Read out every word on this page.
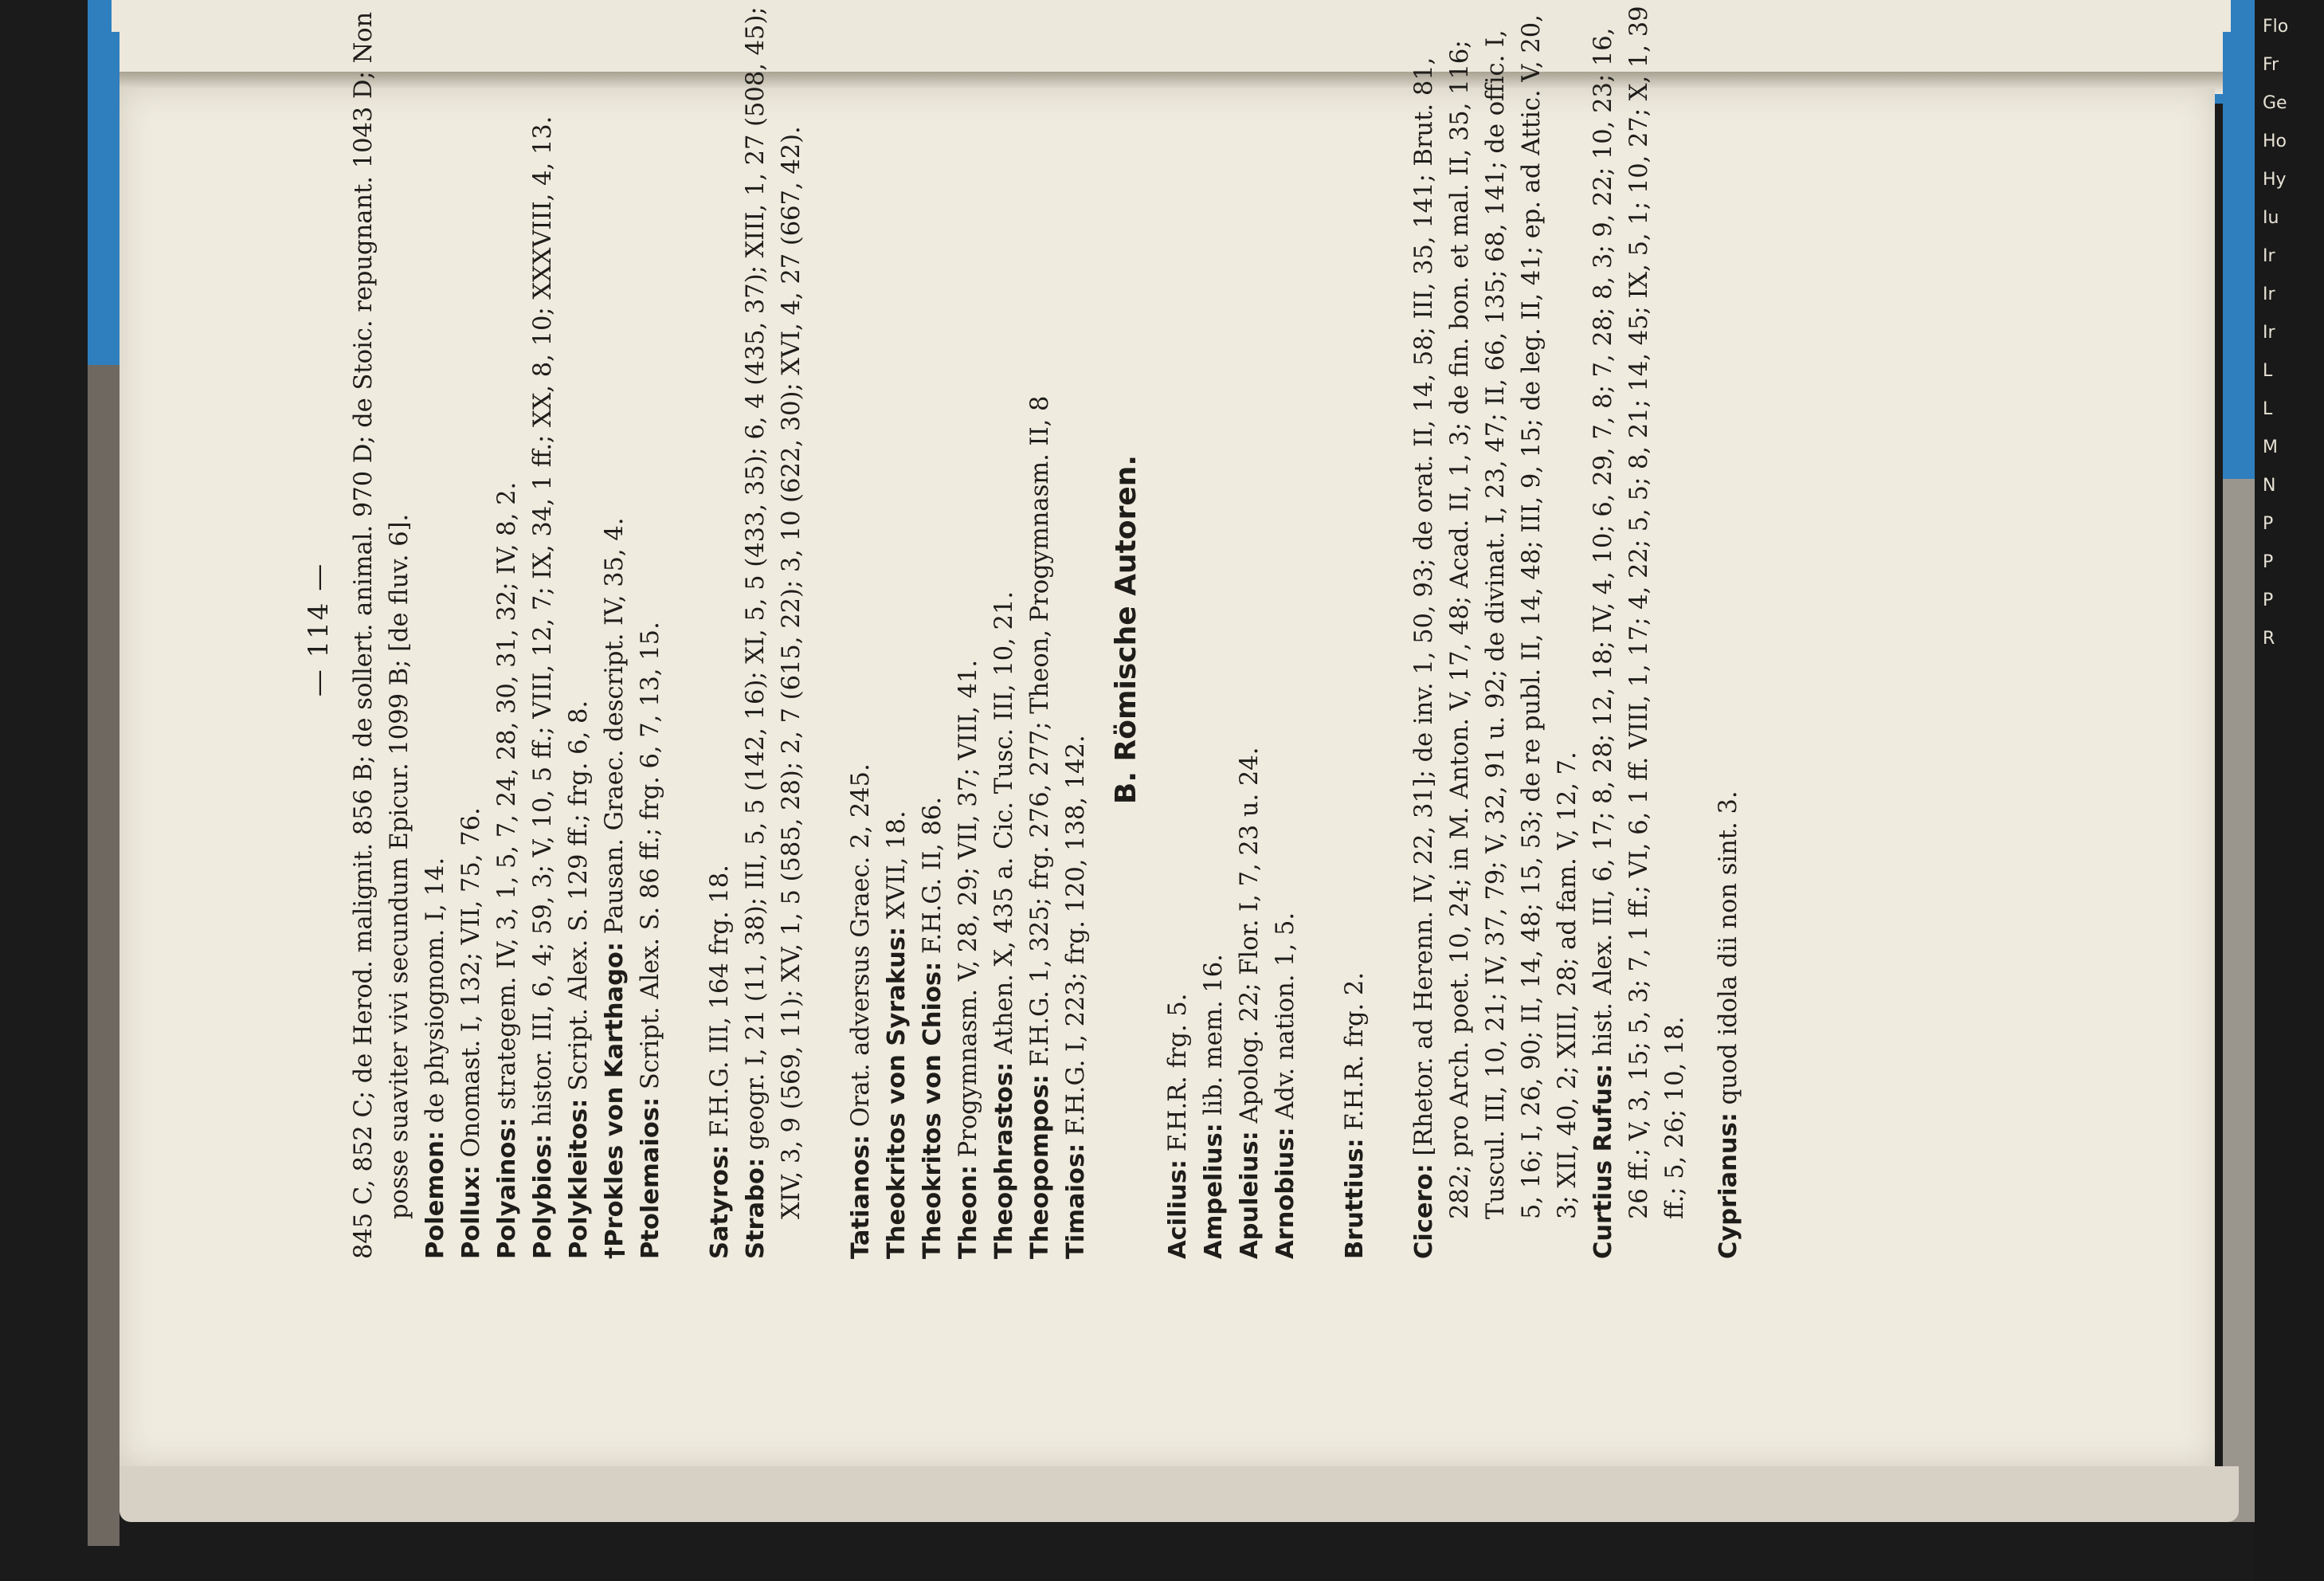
Flo
Fr
Ge
Ho
Hy
Iu
Ir
Ir
Ir
L
L
M
N
P
P
P
R
— 114 — 845 C, 852 C; de Herod. malignit. 856 B; de sollert. animal. 970 D; de Stoic. repugnant. 1043 D; Non posse suaviter vivi secundum Epicur. 1099 B; [de fluv. 6]. Polemon: de physiognom. I, 14.
Pollux: Onomast. I, 132; VII, 75, 76.
Polyainos: strategem. IV, 3, 1, 5, 7, 24, 28, 30, 31, 32; IV, 8, 2.
Polybios: histor. III, 6, 4; 59, 3; V, 10, 5 ff.; VIII, 12, 7; IX, 34, 1 ff.; XX, 8, 10; XXXVIII, 4, 13.
Polykleitos: Script. Alex. S. 129 ff.; frg. 6, 8.
†Prokles von Karthago: Pausan. Graec. descript. IV, 35, 4.
Ptolemaios: Script. Alex. S. 86 ff.; frg. 6, 7, 13, 15.
Satyros: F.H.G. III, 164 frg. 18.
Strabo: geogr. I, 21 (11, 38); III, 5, 5 (142, 16); XI, 5, 5 (433, 35); 6, 4 (435, 37); XIII, 1, 27 (508, 45); XIV, 3, 9 (569, 11); XV, 1, 5 (585, 28); 2, 7 (615, 22); 3, 10 (622, 30); XVI, 4, 27 (667, 42). Tatianos: Orat. adversus Graec. 2, 245. Theokritos von Syrakus: XVII, 18.
Theokritos von Chios: F.H.G. II, 86.
Theon: Progymnasm. V, 28, 29; VII, 37; VIII, 41. Theophrastos: Athen. X, 435 a. Cic. Tusc. III, 10, 21.
Theopompos: F.H.G. 1, 325; frg. 276, 277; Theon, Progymnasm. II, 8
Timaios: F.H.G. I, 223; frg. 120, 138, 142.
B. Römische Autoren.
Acilius: F.H.R. frg. 5.
Ampelius: lib. mem. 16.
Apuleius: Apolog. 22; Flor. I, 7, 23 u. 24.
Arnobius: Adv. nation. 1, 5.
Bruttius: F.H.R. frg. 2.
Cicero: [Rhetor. ad Herenn. IV, 22, 31]; de inv. 1, 50, 93; de orat. II, 14, 58; III, 35, 141; Brut. 81, 282; pro Arch. poet. 10, 24; in M. Anton. V, 17, 48; Acad. II, 1, 3; de fin. bon. et mal. II, 35, 116; Tuscul. III, 10, 21; IV, 37, 79; V, 32, 91 u. 92; de divinat. I, 23, 47; II, 66, 135; 68, 141; de offic. I, 5, 16; I, 26, 90; II, 14, 48; 15, 53; de re publ. II, 14, 48; III, 9, 15; de leg. II, 41; ep. ad Attic. V, 20, 3; XII, 40, 2; XIII, 28; ad fam. V, 12, 7. Curtius Rufus: hist. Alex. III, 6, 17; 8, 28; 12, 18; IV, 4, 10; 6, 29, 7, 8; 7, 28; 8, 3; 9, 22; 10, 23; 16, 26 ff.; V, 3, 15; 5, 3; 7, 1 ff.; VI, 6, 1 ff. VIII, 1, 17; 4, 22; 5, 5; 8, 21; 14, 45; IX, 5, 1; 10, 27; X, 1, 39 ff.; 5, 26; 10, 18. Cyprianus: quod idola dii non sint. 3.
